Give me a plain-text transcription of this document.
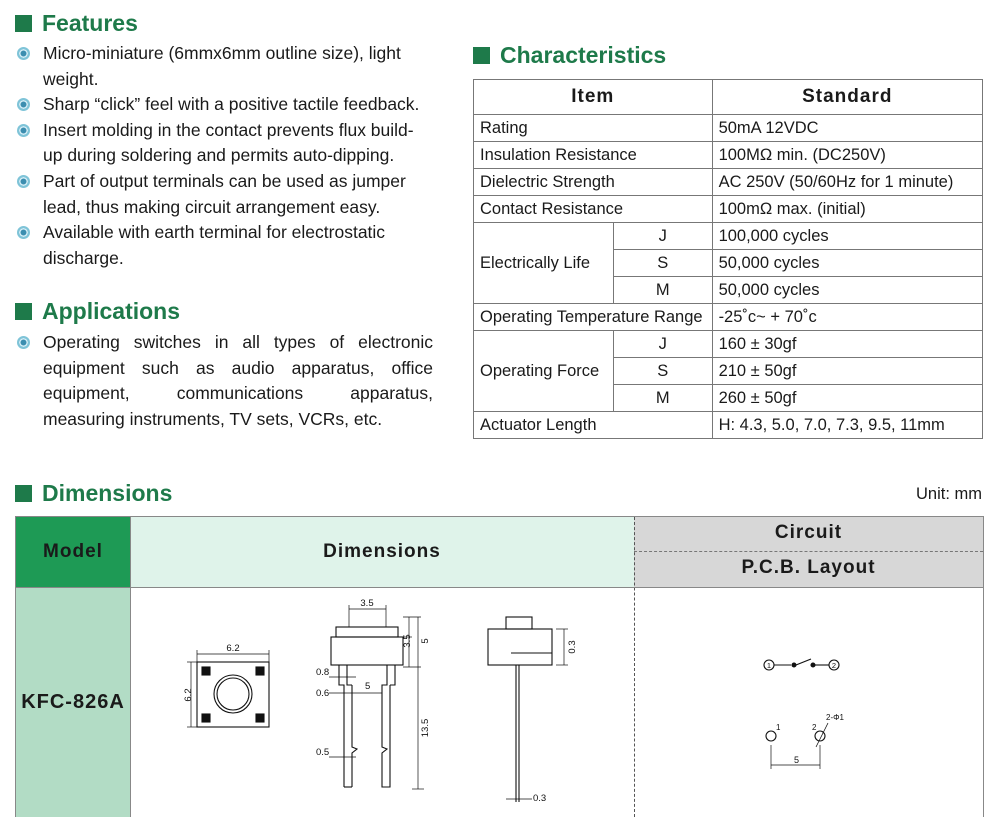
Features
Micro-miniature (6mmx6mm outline size), light
weight.
Sharp “click” feel with a positive tactile feedback.
Insert molding in the contact prevents flux build-
up during soldering and permits auto-dipping.
Part of output terminals can be used as jumper
lead, thus making circuit arrangement easy.
Available with earth terminal for electrostatic
discharge.
Applications
Operating switches in all types of electronic
equipment such as audio apparatus, office
equipment, communications apparatus,
measuring instruments, TV sets, VCRs, etc.
Characteristics
Item		Standard
Rating		50mA 12VDC
Insulation Resistance		100MΩ min. (DC250V)
Dielectric Strength		AC 250V (50/60Hz for 1 minute)
Contact Resistance		100mΩ max. (initial)
Electrically Life	J	100,000 cycles
	S	50,000 cycles
	M	50,000 cycles
Operating Temperature Range		-25˚c~ + 70˚c
Operating Force	J	160 ± 30gf
	S	210 ± 50gf
	M	260 ± 50gf
Actuator Length		H: 4.3, 5.0, 7.0, 7.3, 9.5, 11mm
Dimensions	Unit: mm
Model	Dimensions
Circuit
P.C.B. Layout
KFC-826A
6.2
6.2
3.5
3.5 5
0.8
0.6
5
13.5
0.5
0.3
0.3
1	2
1	2
2-Φ1
5
